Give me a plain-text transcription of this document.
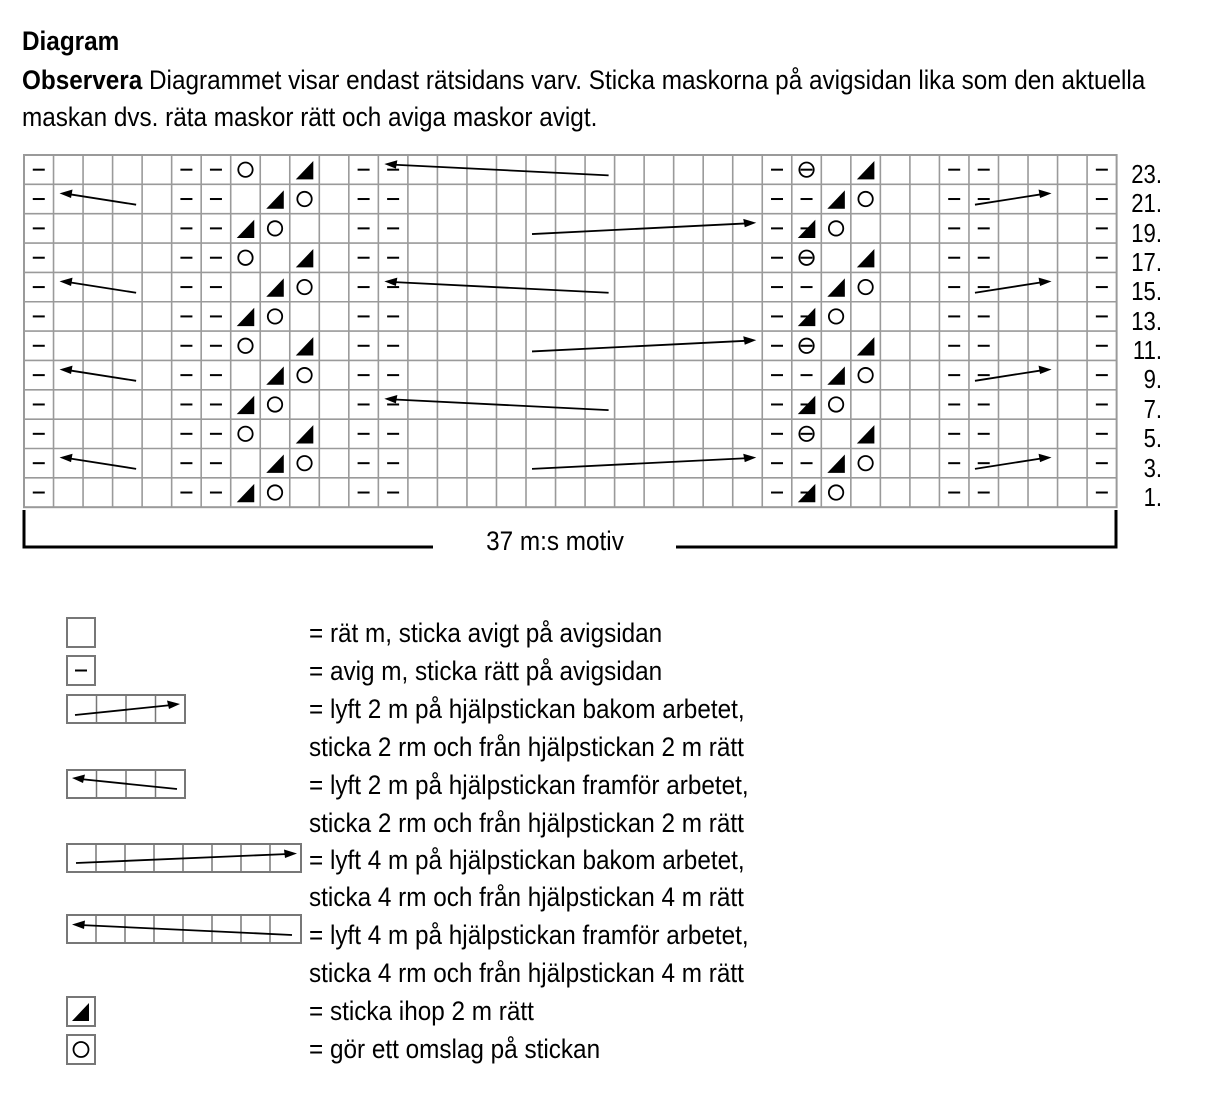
Diagram
Observera Diagrammet visar endast rätsidans varv. Sticka maskorna på avigsidan lika som den aktuella maskan dvs. räta maskor rätt och aviga maskor avigt.
23.
21.
19.
17.
15.
13.
11.
9.
7.
5.
3.
1.
37 m:s motiv
= rät m, sticka avigt på avigsidan
= avig m, sticka rätt på avigsidan
= lyft 2 m på hjälpstickan bakom arbetet,
sticka 2 rm och från hjälpstickan 2 m rätt
= lyft 2 m på hjälpstickan framför arbetet,
sticka 2 rm och från hjälpstickan 2 m rätt
= lyft 4 m på hjälpstickan bakom arbetet,
sticka 4 rm och från hjälpstickan 4 m rätt
= lyft 4 m på hjälpstickan framför arbetet,
sticka 4 rm och från hjälpstickan 4 m rätt
= sticka ihop 2 m rätt
= gör ett omslag på stickan
